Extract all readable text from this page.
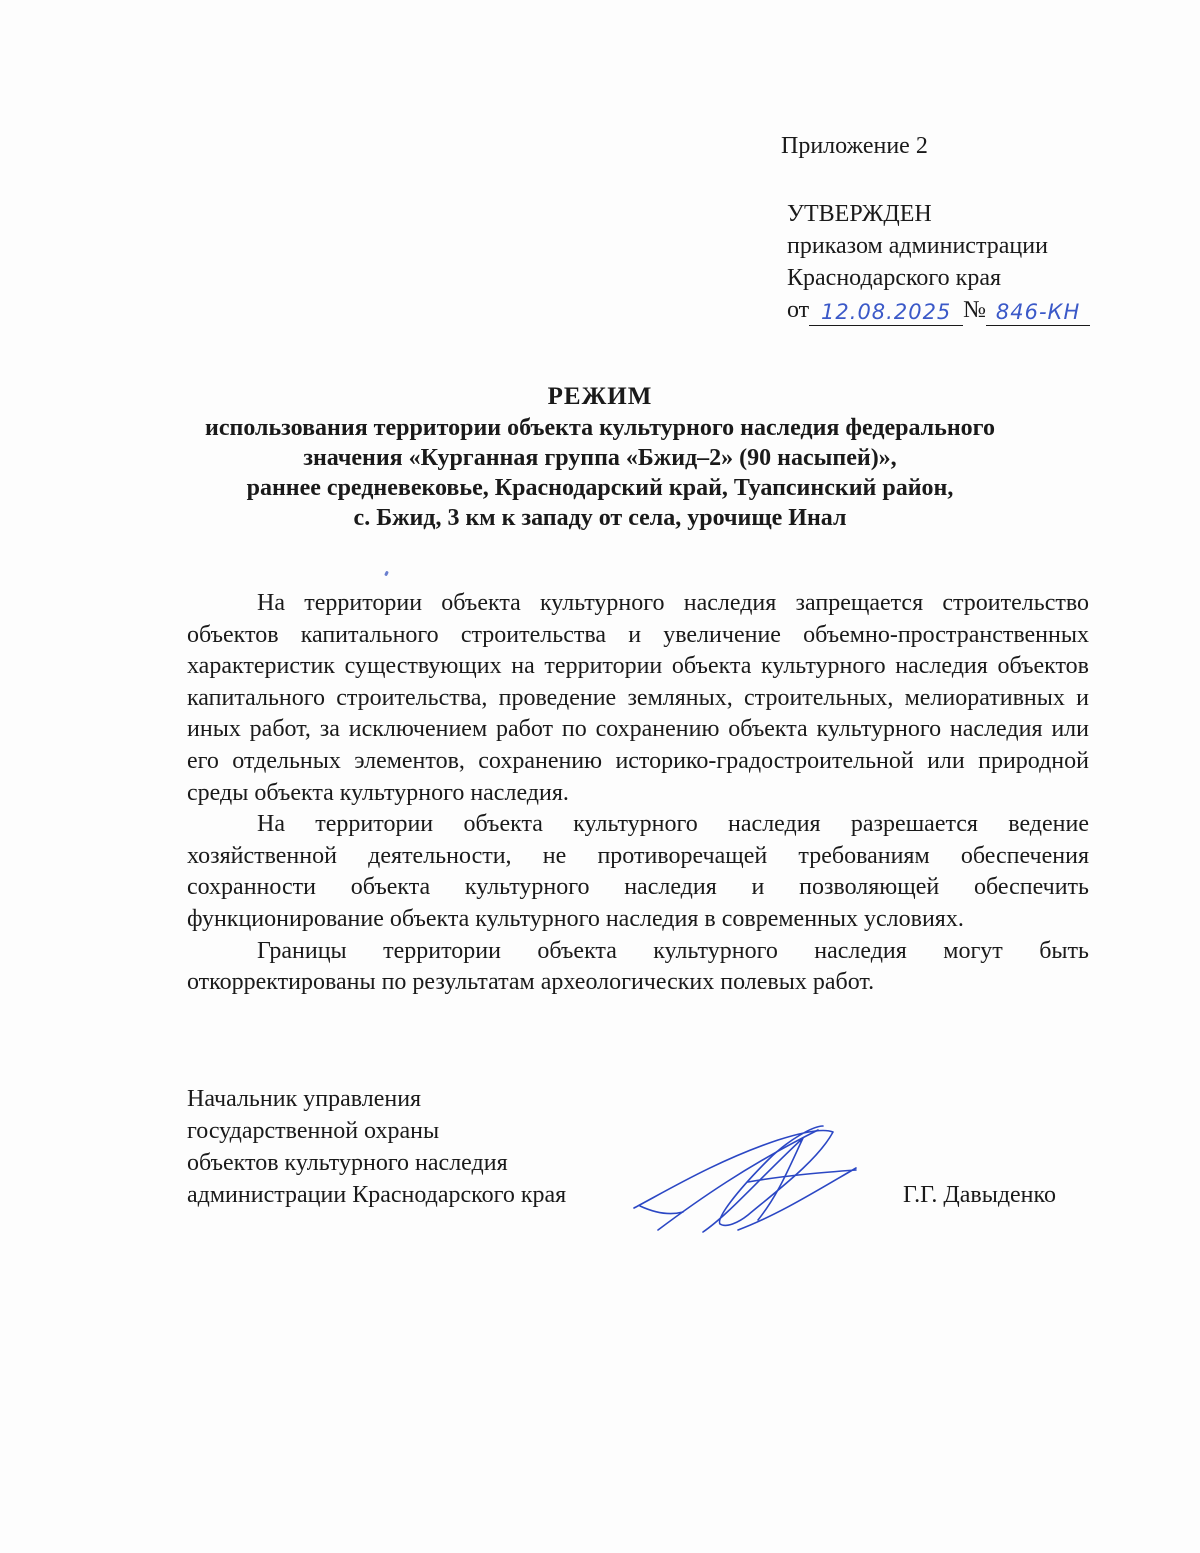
Приложение 2
УТВЕРЖДЕН
приказом администрации
Краснодарского края
от 12.08.2025 № 846-КН
РЕЖИМ
использования территории объекта культурного наследия федерального
значения «Курганная группа «Бжид–2» (90 насыпей)»,
раннее средневековье, Краснодарский край, Туапсинский район,
с. Бжид, 3 км к западу от села, урочище Инал

На территории объекта культурного наследия запрещается строительство объектов капитального строительства и увеличение объемно-пространственных характеристик существующих на территории объекта культурного наследия объектов капитального строительства, проведение земляных, строительных, мелиоративных и иных работ, за исключением работ по сохранению объекта культурного наследия или его отдельных элементов, сохранению историко-градостроительной или природной среды объекта культурного наследия.

На территории объекта культурного наследия разрешается ведение хозяйственной деятельности, не противоречащей требованиям обеспечения сохранности объекта культурного наследия и позволяющей обеспечить функционирование объекта культурного наследия в современных условиях.

Границы территории объекта культурного наследия могут быть откорректированы по результатам археологических полевых работ.

Начальник управления
государственной охраны
объектов культурного наследия
администрации Краснодарского края	Г.Г. Давыденко
